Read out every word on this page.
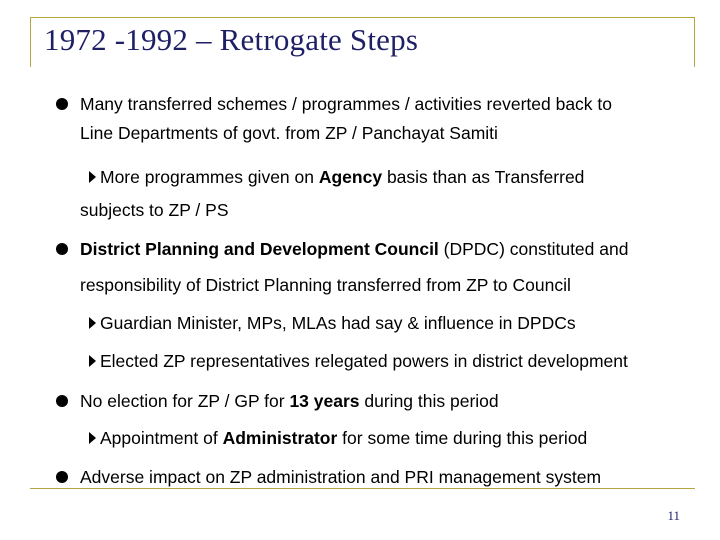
1972 -1992 – Retrogate Steps
Many transferred schemes / programmes / activities reverted back to
Line Departments of govt. from ZP / Panchayat Samiti
More programmes given on Agency basis than as Transferred
subjects to ZP / PS
District Planning and Development Council (DPDC) constituted and
responsibility of District Planning transferred from ZP to Council
Guardian Minister, MPs, MLAs had say & influence in DPDCs
Elected ZP representatives relegated powers in district development
No election for ZP / GP for 13 years during this period
Appointment of Administrator for some time during this period
Adverse impact on ZP administration and PRI management system
11
